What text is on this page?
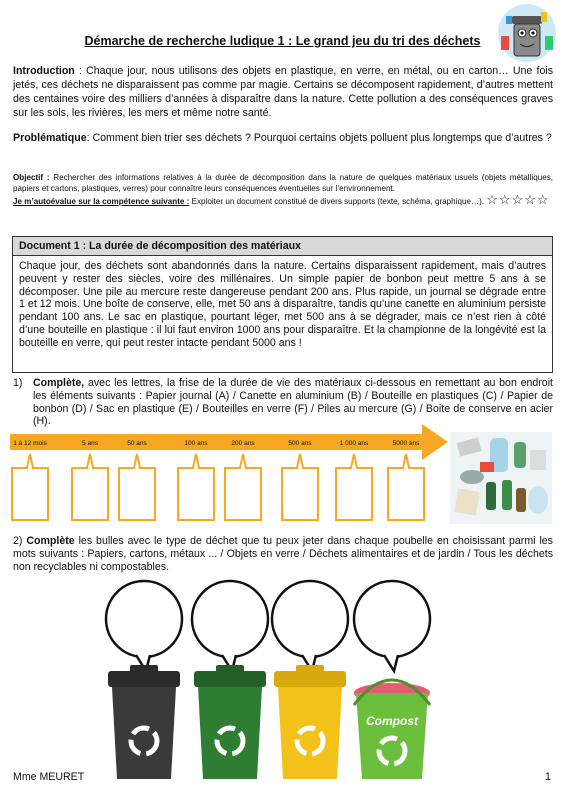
Démarche de recherche ludique 1 : Le grand jeu du tri des déchets

Introduction : Chaque jour, nous utilisons des objets en plastique, en verre, en métal, ou en carton… Une fois jetés, ces déchets ne disparaissent pas comme par magie. Certains se décomposent rapidement, d’autres mettent des centaines voire des milliers d’années à disparaître dans la nature. Cette pollution a des conséquences graves sur les sols, les rivières, les mers et même notre santé.

Problématique: Comment bien trier ses déchets ? Pourquoi certains objets polluent plus longtemps que d’autres ?

Objectif : Rechercher des informations relatives à la durée de décomposition dans la nature de quelques matériaux usuels (objets métalliques, papiers et cartons, plastiques, verres) pour connaître leurs conséquences éventuelles sur l’environnement.

Je m’autoévalue sur la compétence suivante : Exploiter un document constitué de divers supports (texte, schéma, graphique…). ☆☆☆☆☆

Document 1 : La durée de décomposition des matériaux
Chaque jour, des déchets sont abandonnés dans la nature. Certains disparaissent rapidement, mais d’autres peuvent y rester des siècles, voire des millénaires. Un simple papier de bonbon peut mettre 5 ans à se décomposer. Une pile au mercure reste dangereuse pendant 200 ans. Plus rapide, un journal se dégrade entre 1 et 12 mois. Une boîte de conserve, elle, met 50 ans à disparaître, tandis qu’une canette en aluminium persiste pendant 100 ans. Le sac en plastique, pourtant léger, met 500 ans à se dégrader, mais ce n’est rien à côté d’une bouteille en plastique : il lui faut environ 1000 ans pour disparaître. Et la championne de la longévité est la bouteille en verre, qui peut rester intacte pendant 5000 ans !

1) Complète, avec les lettres, la frise de la durée de vie des matériaux ci-dessous en remettant au bon endroit les éléments suivants : Papier journal (A) / Canette en aluminium (B) / Bouteille en plastiques (C) / Papier de bonbon (D) / Sac en plastique (E) / Bouteilles en verre (F) / Piles au mercure (G) / Boite de conserve en acier (H).

1 à 12 mois	5 ans	50 ans	100 ans	200 ans	500 ans	1 000 ans	5000 ans

2) Complète les bulles avec le type de déchet que tu peux jeter dans chaque poubelle en choisissant parmi les mots suivants : Papiers, cartons, métaux ... / Objets en verre / Déchets alimentaires et de jardin / Tous les déchets non recyclables ni compostables.

Compost
Mme MEURET	1
